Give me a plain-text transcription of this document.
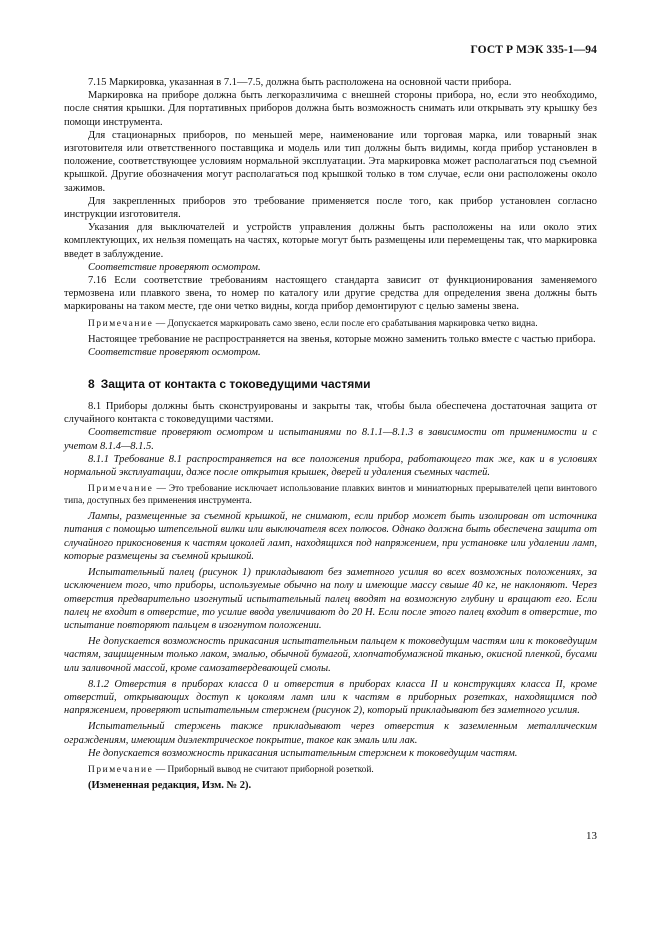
ГОСТ Р МЭК 335-1—94

7.15 Маркировка, указанная в 7.1—7.5, должна быть расположена на основной части прибора.

Маркировка на приборе должна быть легкоразличима с внешней стороны прибора, но, если это необходимо, после снятия крышки. Для портативных приборов должна быть возможность снимать или открывать эту крышку без помощи инструмента.

Для стационарных приборов, по меньшей мере, наименование или торговая марка, или товарный знак изготовителя или ответственного поставщика и модель или тип должны быть видимы, когда прибор установлен в положение, соответствующее условиям нормальной эксплуатации. Эта маркировка может располагаться под съемной крышкой. Другие обозначения могут располагаться под крышкой только в том случае, если они расположены около зажимов.

Для закрепленных приборов это требование применяется после того, как прибор установлен согласно инструкции изготовителя.

Указания для выключателей и устройств управления должны быть расположены на или около этих комплектующих, их нельзя помещать на частях, которые могут быть размещены или перемещены так, что маркировка введет в заблуждение.

Соответствие проверяют осмотром.

7.16 Если соответствие требованиям настоящего стандарта зависит от функционирования заменяемого термозвена или плавкого звена, то номер по каталогу или другие средства для определения звена должны быть маркированы на таком месте, где они четко видны, когда прибор демонтируют с целью замены звена.

Примечание — Допускается маркировать само звено, если после его срабатывания маркировка четко видна.

Настоящее требование не распространяется на звенья, которые можно заменить только вместе с частью прибора.

Соответствие проверяют осмотром.

8 Защита от контакта с токоведущими частями

8.1 Приборы должны быть сконструированы и закрыты так, чтобы была обеспечена достаточная защита от случайного контакта с токоведущими частями.

Соответствие проверяют осмотром и испытаниями по 8.1.1—8.1.3 в зависимости от применимости и с учетом 8.1.4—8.1.5.

8.1.1 Требование 8.1 распространяется на все положения прибора, работающего так же, как и в условиях нормальной эксплуатации, даже после открытия крышек, дверей и удаления съемных частей.

Примечание — Это требование исключает использование плавких винтов и миниатюрных прерывателей цепи винтового типа, доступных без применения инструмента.

Лампы, размещенные за съемной крышкой, не снимают, если прибор может быть изолирован от источника питания с помощью штепсельной вилки или выключателя всех полюсов. Однако должна быть обеспечена защита от случайного прикосновения к частям цоколей ламп, находящихся под напряжением, при установке или удалении ламп, которые размещены за съемной крышкой.

Испытательный палец (рисунок 1) прикладывают без заметного усилия во всех возможных положениях, за исключением того, что приборы, используемые обычно на полу и имеющие массу свыше 40 кг, не наклоняют. Через отверстия предварительно изогнутый испытательный палец вводят на возможную глубину и вращают его. Если палец не входит в отверстие, то усилие ввода увеличивают до 20 Н. Если после этого палец входит в отверстие, то испытание повторяют пальцем в изогнутом положении.

Не допускается возможность прикасания испытательным пальцем к токоведущим частям или к токоведущим частям, защищенным только лаком, эмалью, обычной бумагой, хлопчатобумажной тканью, окисной пленкой, бусами или заливочной массой, кроме самозатвердевающей смолы.

8.1.2 Отверстия в приборах класса 0 и отверстия в приборах класса II и конструкциях класса II, кроме отверстий, открывающих доступ к цоколям ламп или к частям в приборных розетках, находящимся под напряжением, проверяют испытательным стержнем (рисунок 2), который прикладывают без заметного усилия.

Испытательный стержень также прикладывают через отверстия к заземленным металлическим ограждениям, имеющим диэлектрическое покрытие, такое как эмаль или лак.

Не допускается возможность прикасания испытательным стержнем к токоведущим частям.

Примечание — Приборный вывод не считают приборной розеткой.

(Измененная редакция, Изм. № 2).

13
